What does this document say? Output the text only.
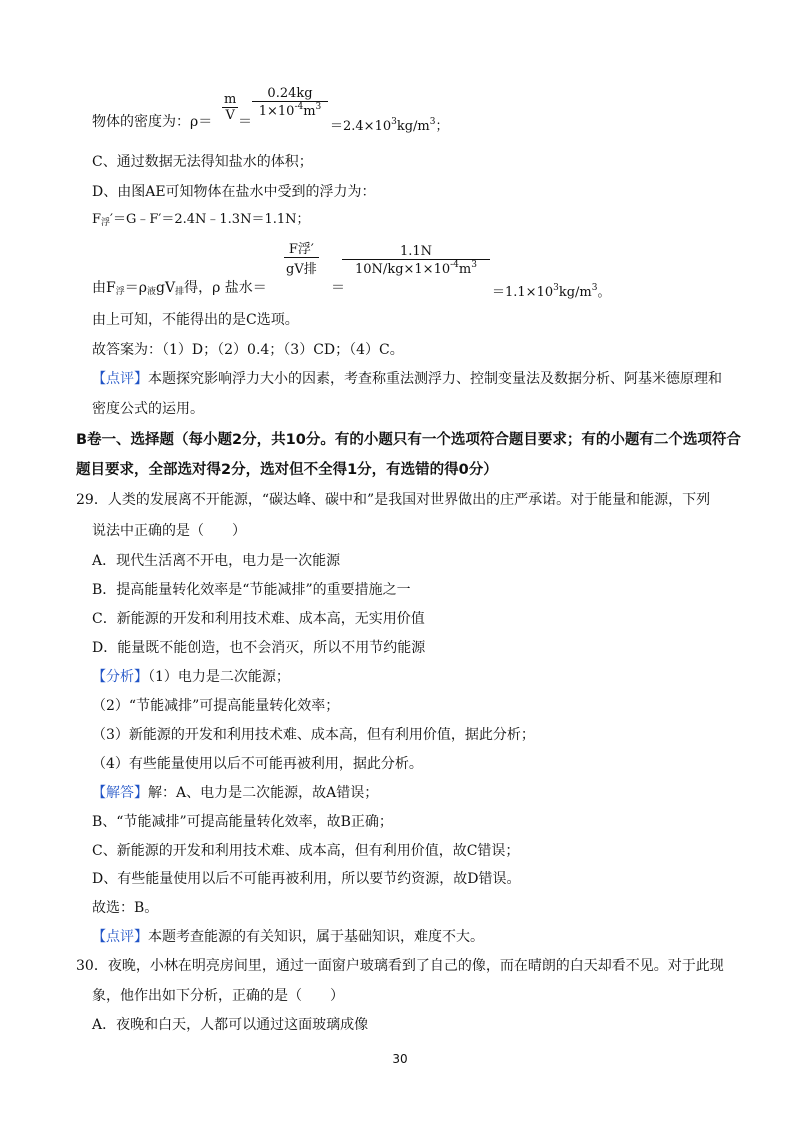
物体的密度为：ρ＝
m
V ＝
0.24kg
$1\times 10^{-4}m^3$
$=2.4\times 10^3kg/m^3$；
C、通过数据无法得知盐水的体积；
D、由图AE可知物体在盐水中受到的浮力为：
$F_浮'=G﹣F'=2.4N﹣1.3N=1.1N$；
由$F_浮=\rho_液gV_排$得，ρ 盐水＝
F浮′
gV排
＝
1.1N
$10N/kg\times 1\times 10^{-4}m^3$
$=1.1\times 10^3kg/m^3$。
由上可知，不能得出的是C选项。
故答案为：（1）D；（2）0.4；（3）CD；（4）C。
【点评】本题探究影响浮力大小的因素，考查称重法测浮力、控制变量法及数据分析、阿基米德原理和
密度公式的运用。
B卷一、选择题（每小题2分，共10分。有的小题只有一个选项符合题目要求；有的小题有二个选项符合
题目要求，全部选对得2分，选对但不全得1分，有选错的得0分）
29．人类的发展离不开能源，“碳达峰、碳中和”是我国对世界做出的庄严承诺。对于能量和能源，下列
说法中正确的是（　　）
A．现代生活离不开电，电力是一次能源
B．提高能量转化效率是“节能减排”的重要措施之一
C．新能源的开发和利用技术难、成本高，无实用价值
D．能量既不能创造，也不会消灭，所以不用节约能源
【分析】（1）电力是二次能源；
（2）“节能减排”可提高能量转化效率；
（3）新能源的开发和利用技术难、成本高，但有利用价值，据此分析；
（4）有些能量使用以后不可能再被利用，据此分析。
【解答】解：A、电力是二次能源，故A错误；
B、“节能减排”可提高能量转化效率，故B正确；
C、新能源的开发和利用技术难、成本高，但有利用价值，故C错误；
D、有些能量使用以后不可能再被利用，所以要节约资源，故D错误。
故选：B。
【点评】本题考查能源的有关知识，属于基础知识，难度不大。
30．夜晚，小林在明亮房间里，通过一面窗户玻璃看到了自己的像，而在晴朗的白天却看不见。对于此现
象，他作出如下分析，正确的是（　　）
A．夜晚和白天，人都可以通过这面玻璃成像
30
